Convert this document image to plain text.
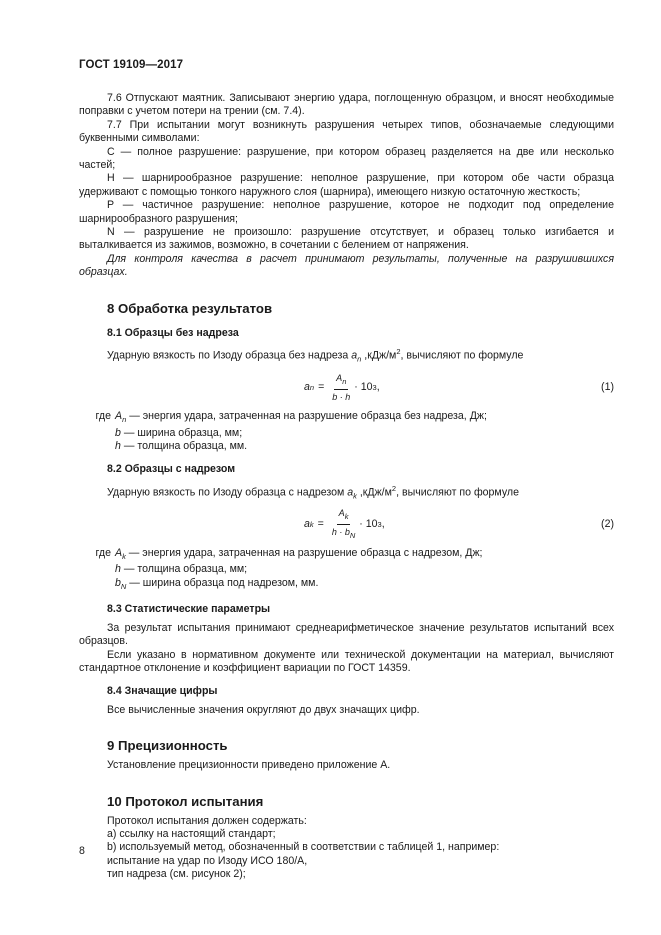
ГОСТ 19109—2017

7.6 Отпускают маятник. Записывают энергию удара, поглощенную образцом, и вносят необходимые поправки с учетом потери на трении (см. 7.4).

7.7 При испытании могут возникнуть разрушения четырех типов, обозначаемые следующими буквенными символами:

C — полное разрушение: разрушение, при котором образец разделяется на две или несколько частей;

H — шарнирообразное разрушение: неполное разрушение, при котором обе части образца удерживают с помощью тонкого наружного слоя (шарнира), имеющего низкую остаточную жесткость;

P — частичное разрушение: неполное разрушение, которое не подходит под определение шарнирообразного разрушения;

N — разрушение не произошло: разрушение отсутствует, и образец только изгибается и выталкивается из зажимов, возможно, в сочетании с белением от напряжения.

Для контроля качества в расчет принимают результаты, полученные на разрушившихся образцах.

8 Обработка результатов
8.1 Образцы без надреза

Ударную вязкость по Изоду образца без надреза $a_n$ $,кДж/м^2$, вычисляют по формуле

a $n = \frac{A_n}{b \cdot h} \cdot 10$ 3 ,	(1)

где $A_n$ — энергия удара, затраченная на разрушение образца без надреза, Дж;

b — ширина образца, мм;

h — толщина образца, мм.

8.2 Образцы с надрезом

Ударную вязкость по Изоду образца с надрезом $a_k$ $,кДж/м^2$, вычисляют по формуле

a $k = \frac{A_k}{h \cdot b_N} \cdot 10$ 3 ,	(2)

где $A_k$ — энергия удара, затраченная на разрушение образца с надрезом, Дж;

h — толщина образца, мм;

$b_N$ — ширина образца под надрезом, мм.

8.3 Статистические параметры

За результат испытания принимают среднеарифметическое значение результатов испытаний всех образцов.

Если указано в нормативном документе или технической документации на материал, вычисляют стандартное отклонение и коэффициент вариации по ГОСТ 14359.

8.4 Значащие цифры

Все вычисленные значения округляют до двух значащих цифр.

9 Прецизионность

Установление прецизионности приведено приложение А.

10 Протокол испытания

Протокол испытания должен содержать:

a) ссылку на настоящий стандарт;

b) используемый метод, обозначенный в соответствии с таблицей 1, например:

испытание на удар по Изоду ИСО 180/А,

тип надреза (см. рисунок 2);

8
